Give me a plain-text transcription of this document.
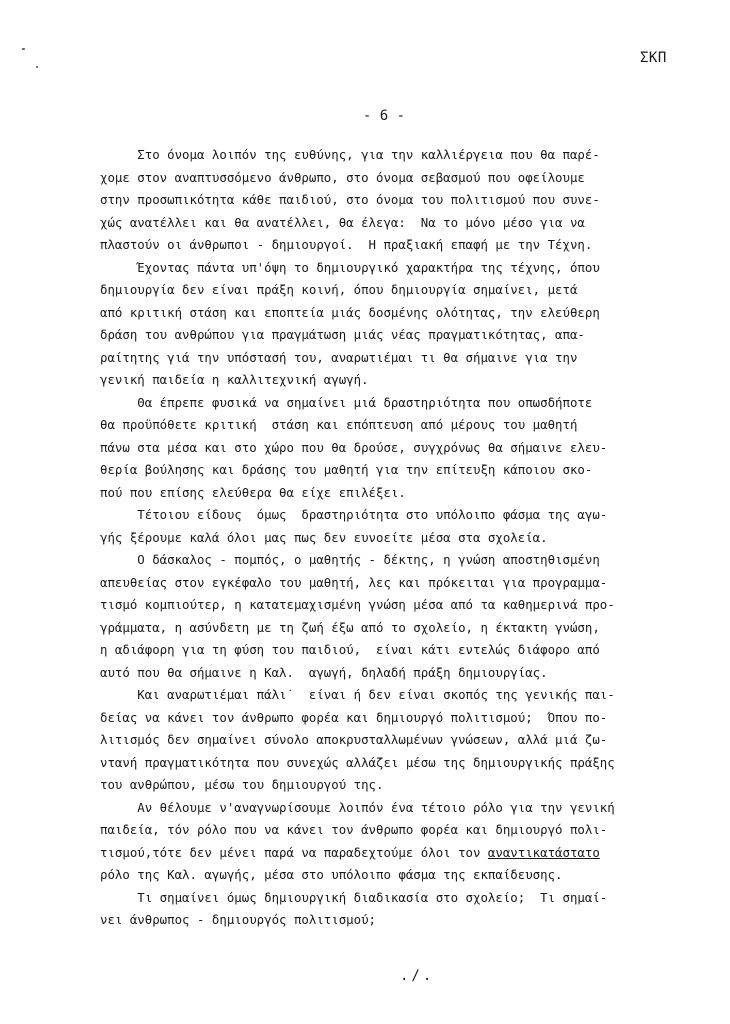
ΣΚΠ
- 6 -
Στο όνομα λοιπόν της ευθύνης, για την καλλιέργεια που θα παρέ-
χομε στον αναπτυσσόμενο άνθρωπο, στο όνομα σεβασμού που οφείλουμε
στην προσωπικότητα κάθε παιδιού, στο όνομα του πολιτισμού που συνε-
χώς ανατέλλει και θα ανατέλλει, θα έλεγα:  Να το μόνο μέσο για να
πλαστούν οι άνθρωποι - δημιουργοί.  Η πραξιακή επαφή με την Τέχνη.
Έχοντας πάντα υπ'όψη το δημιουργικό χαρακτήρα της τέχνης, όπου
δημιουργία δεν είναι πράξη κοινή, όπου δημιουργία σημαίνει, μετά
από κριτική στάση και εποπτεία μιάς δοσμένης ολότητας, την ελεύθερη
δράση του ανθρώπου για πραγμάτωση μιάς νέας πραγματικότητας, απα-
ραίτητης γιά την υπόστασή του, αναρωτιέμαι τι θα σήμαινε για την
γενική παιδεία η καλλιτεχνική αγωγή.
Θα έπρεπε φυσικά να σημαίνει μιά δραστηριότητα που οπωσδήποτε
θα προϋπόθετε κριτική  στάση και επόπτευση από μέρους του μαθητή
πάνω στα μέσα και στο χώρο που θα δρούσε, συγχρόνως θα σήμαινε ελευ-
θερία βούλησης και δράσης του μαθητή για την επίτευξη κάποιου σκο-
πού που επίσης ελεύθερα θα είχε επιλέξει.
Τέτοιου είδους  όμως  δραστηριότητα στο υπόλοιπο φάσμα της αγω-
γής ξέρουμε καλά όλοι μας πως δεν ευνοείτε μέσα στα σχολεία.
Ο δάσκαλος - πομπός, ο μαθητής - δέκτης, η γνώση αποστηθισμένη
απευθείας στον εγκέφαλο του μαθητή, λες και πρόκειται για προγραμμα-
τισμό κομπιούτερ, η κατατεμαχισμένη γνώση μέσα από τα καθημερινά προ-
γράμματα, η ασύνδετη με τη ζωή έξω από το σχολείο, η έκτακτη γνώση,
η αδιάφορη για τη φύση του παιδιού,  είναι κάτι εντελώς διάφορο από
αυτό που θα σήμαινε η Καλ.  αγωγή, δηλαδή πράξη δημιουργίας.
Και αναρωτιέμαι πάλι˙  είναι ή δεν είναι σκοπός της γενικής παι-
δείας να κάνει τον άνθρωπο φορέα και δημιουργό πολιτισμού;  Όπου πο-
λιτισμός δεν σημαίνει σύνολο αποκρυσταλλωμένων γνώσεων, αλλά μιά ζω-
ντανή πραγματικότητα που συνεχώς αλλάζει μέσω της δημιουργικής πράξης
του ανθρώπου, μέσω του δημιουργού της.
Αν θέλουμε ν'αναγνωρίσουμε λοιπόν ένα τέτοιο ρόλο για την γενική
παιδεία, τόν ρόλο που να κάνει τον άνθρωπο φορέα και δημιουργό πολι-
τισμού,τότε δεν μένει παρά να παραδεχτούμε όλοι τον αναντικατάστατο
ρόλο της Καλ. αγωγής, μέσα στο υπόλοιπο φάσμα της εκπαίδευσης.
Τι σημαίνει όμως δημιουργική διαδικασία στο σχολείο;  Τι σημαί-
νει άνθρωπος - δημιουργός πολιτισμού;
./.
